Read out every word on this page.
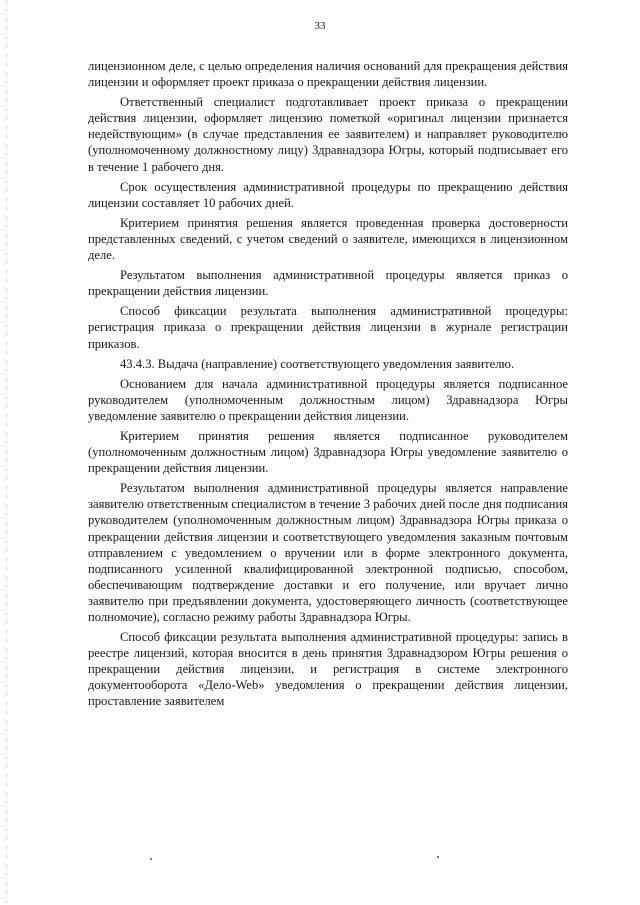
33

лицензионном деле, с целью определения наличия оснований для прекращения действия лицензии и оформляет проект приказа о прекращении действия лицензии.

Ответственный специалист подготавливает проект приказа о прекращении действия лицензии, оформляет лицензию пометкой «оригинал лицензии признается недействующим» (в случае представления ее заявителем) и направляет руководителю (уполномоченному должностному лицу) Здравнадзора Югры, который подписывает его в течение 1 рабочего дня.

Срок осуществления административной процедуры по прекращению действия лицензии составляет 10 рабочих дней.

Критерием принятия решения является проведенная проверка достоверности представленных сведений, с учетом сведений о заявителе, имеющихся в лицензионном деле.

Результатом выполнения административной процедуры является приказ о прекращении действия лицензии.

Способ фиксации результата выполнения административной процедуры: регистрация приказа о прекращении действия лицензии в журнале регистрации приказов.

43.4.3. Выдача (направление) соответствующего уведомления заявителю.

Основанием для начала административной процедуры является подписанное руководителем (уполномоченным должностным лицом) Здравнадзора Югры уведомление заявителю о прекращении действия лицензии.

Критерием принятия решения является подписанное руководителем (уполномоченным должностным лицом) Здравнадзора Югры уведомление заявителю о прекращении действия лицензии.

Результатом выполнения административной процедуры является направление заявителю ответственным специалистом в течение 3 рабочих дней после дня подписания руководителем (уполномоченным должностным лицом) Здравнадзора Югры приказа о прекращении действия лицензии и соответствующего уведомления заказным почтовым отправлением с уведомлением о вручении или в форме электронного документа, подписанного усиленной квалифицированной электронной подписью, способом, обеспечивающим подтверждение доставки и его получение, или вручает лично заявителю при предъявлении документа, удостоверяющего личность (соответствующее полномочие), согласно режиму работы Здравнадзора Югры.

Способ фиксации результата выполнения административной процедуры: запись в реестре лицензий, которая вносится в день принятия Здравнадзором Югры решения о прекращении действия лицензии, и регистрация в системе электронного документооборота «Дело-Web» уведомления о прекращении действия лицензии, проставление заявителем
